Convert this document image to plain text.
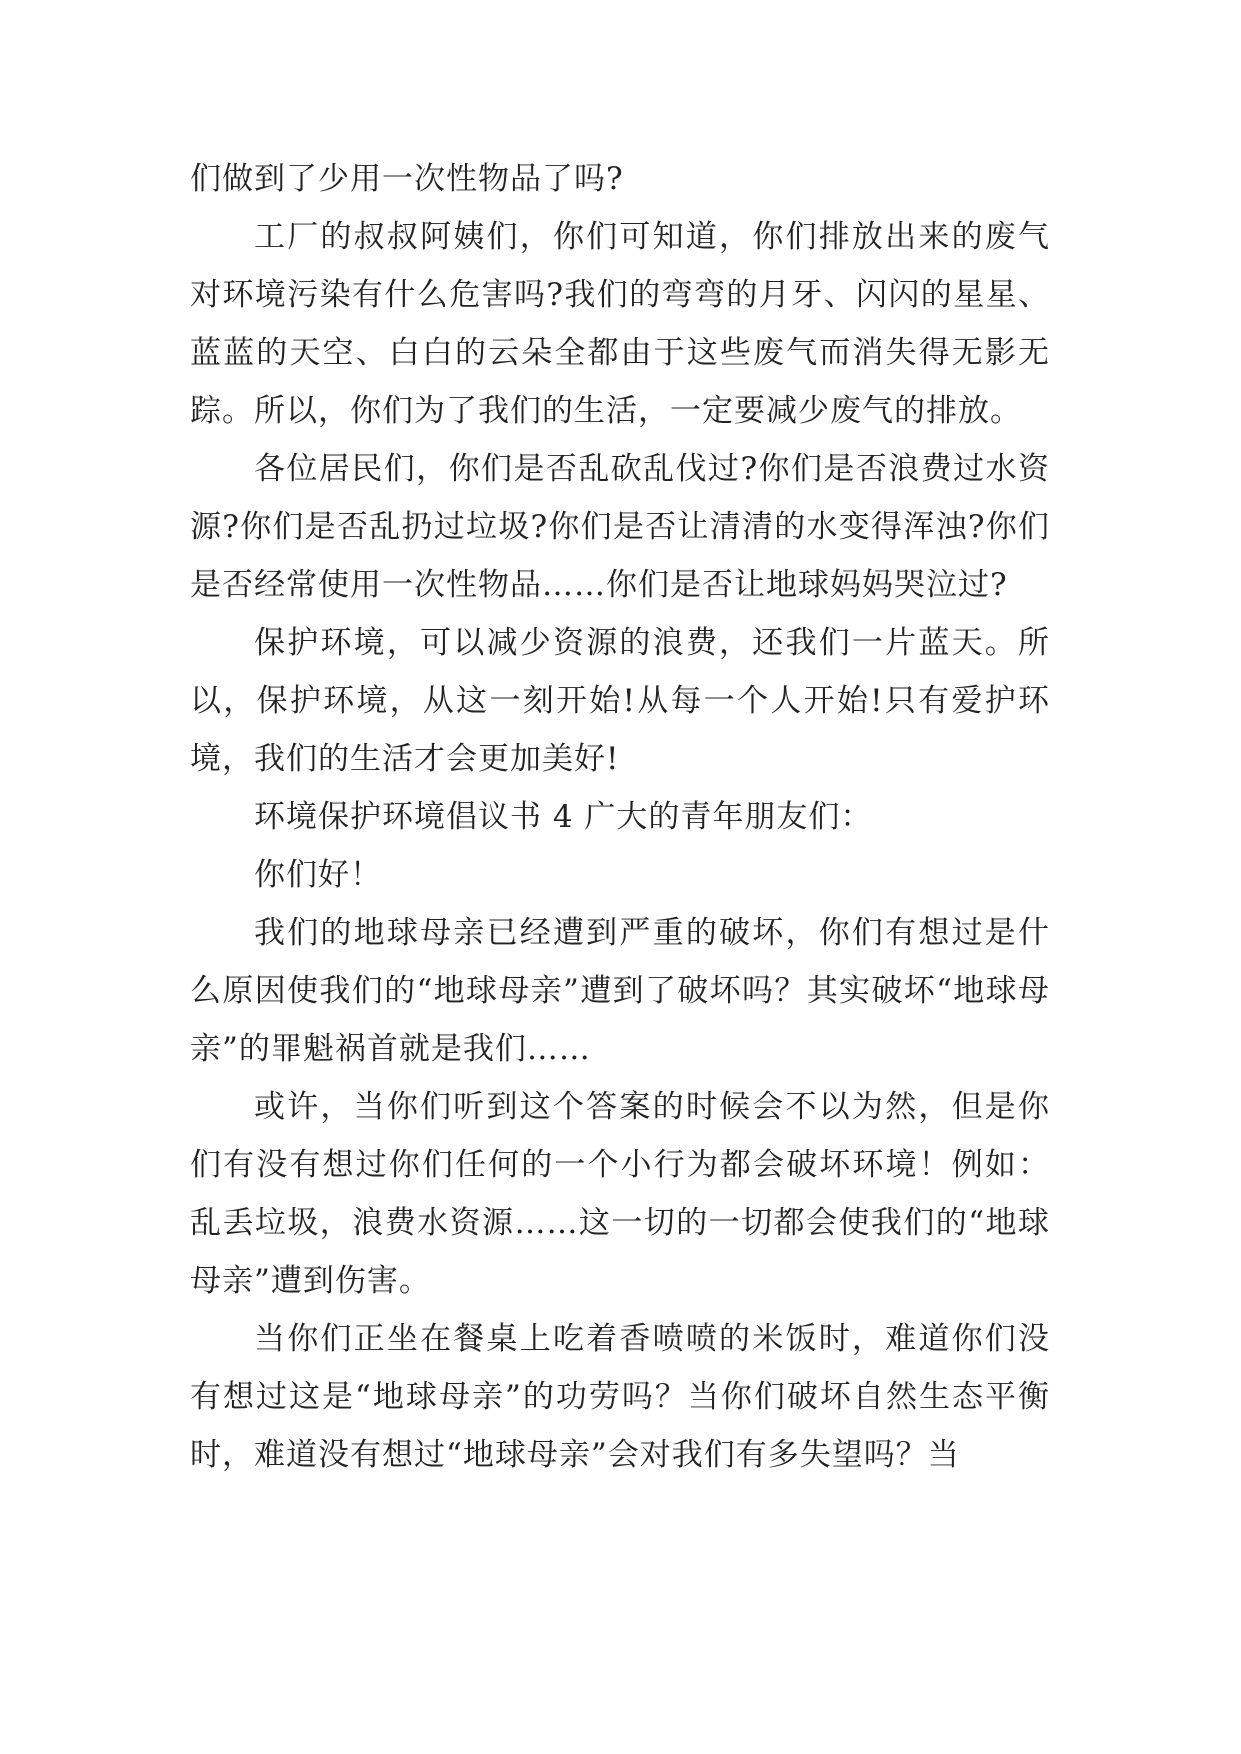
们做到了少用一次性物品了吗?

工厂的叔叔阿姨们，你们可知道，你们排放出来的废气对环境污染有什么危害吗?我们的弯弯的月牙、闪闪的星星、蓝蓝的天空、白白的云朵全都由于这些废气而消失得无影无踪。所以，你们为了我们的生活，一定要减少废气的排放。

各位居民们，你们是否乱砍乱伐过?你们是否浪费过水资源?你们是否乱扔过垃圾?你们是否让清清的水变得浑浊?你们是否经常使用一次性物品……你们是否让地球妈妈哭泣过?

保护环境，可以减少资源的浪费，还我们一片蓝天。所以，保护环境，从这一刻开始!从每一个人开始!只有爱护环境，我们的生活才会更加美好!

环境保护环境倡议书 4 广大的青年朋友们：

你们好！

我们的地球母亲已经遭到严重的破坏，你们有想过是什么原因使我们的“地球母亲”遭到了破坏吗？其实破坏“地球母亲”的罪魁祸首就是我们……

或许，当你们听到这个答案的时候会不以为然，但是你们有没有想过你们任何的一个小行为都会破坏环境！例如：乱丢垃圾，浪费水资源……这一切的一切都会使我们的“地球母亲”遭到伤害。

当你们正坐在餐桌上吃着香喷喷的米饭时，难道你们没有想过这是“地球母亲”的功劳吗？当你们破坏自然生态平衡时，难道没有想过“地球母亲”会对我们有多失望吗？当
